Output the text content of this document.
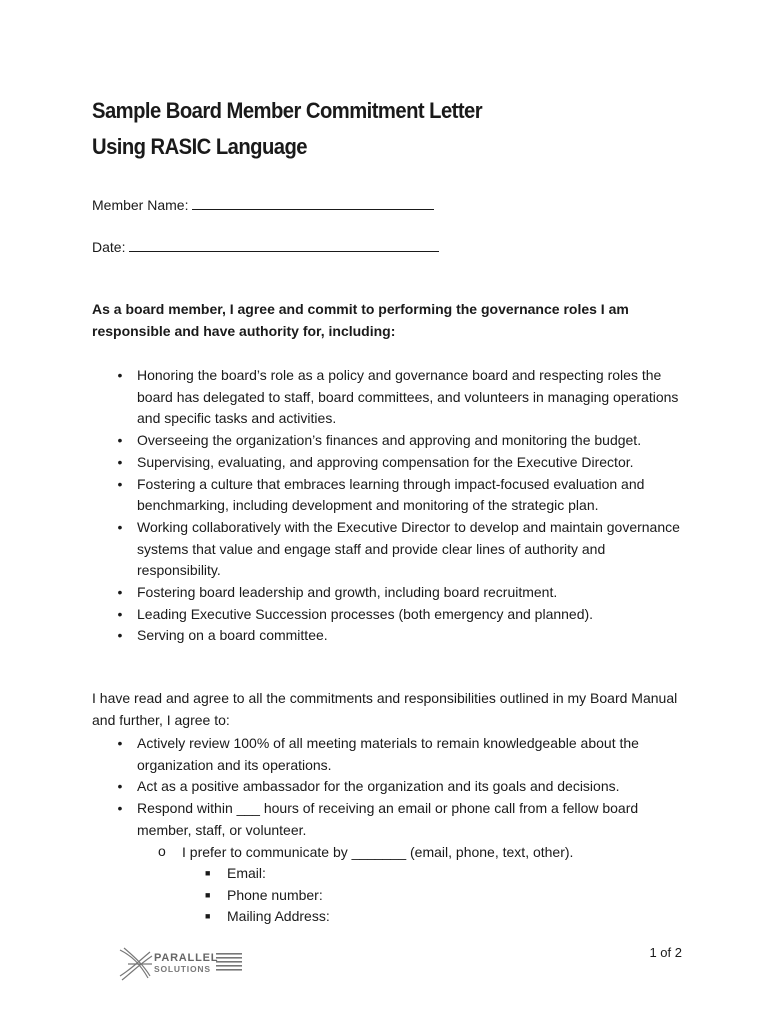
Sample Board Member Commitment Letter
Using RASIC Language
Member Name:
Date:
As a board member, I agree and commit to performing the governance roles I am responsible and have authority for, including:
• Honoring the board’s role as a policy and governance board and respecting roles the board has delegated to staff, board committees, and volunteers in managing operations and specific tasks and activities.
• Overseeing the organization’s finances and approving and monitoring the budget.
• Supervising, evaluating, and approving compensation for the Executive Director.
• Fostering a culture that embraces learning through impact-focused evaluation and benchmarking, including development and monitoring of the strategic plan.
• Working collaboratively with the Executive Director to develop and maintain governance systems that value and engage staff and provide clear lines of authority and responsibility.
• Fostering board leadership and growth, including board recruitment.
• Leading Executive Succession processes (both emergency and planned).
• Serving on a board committee.
I have read and agree to all the commitments and responsibilities outlined in my Board Manual and further, I agree to:
• Actively review 100% of all meeting materials to remain knowledgeable about the organization and its operations.
• Act as a positive ambassador for the organization and its goals and decisions.
• Respond within ___ hours of receiving an email or phone call from a fellow board member, staff, or volunteer.
o I prefer to communicate by _______ (email, phone, text, other).
■ Email:
■ Phone number:
■ Mailing Address:
PARALLEL
SOLUTIONS
1 of 2
